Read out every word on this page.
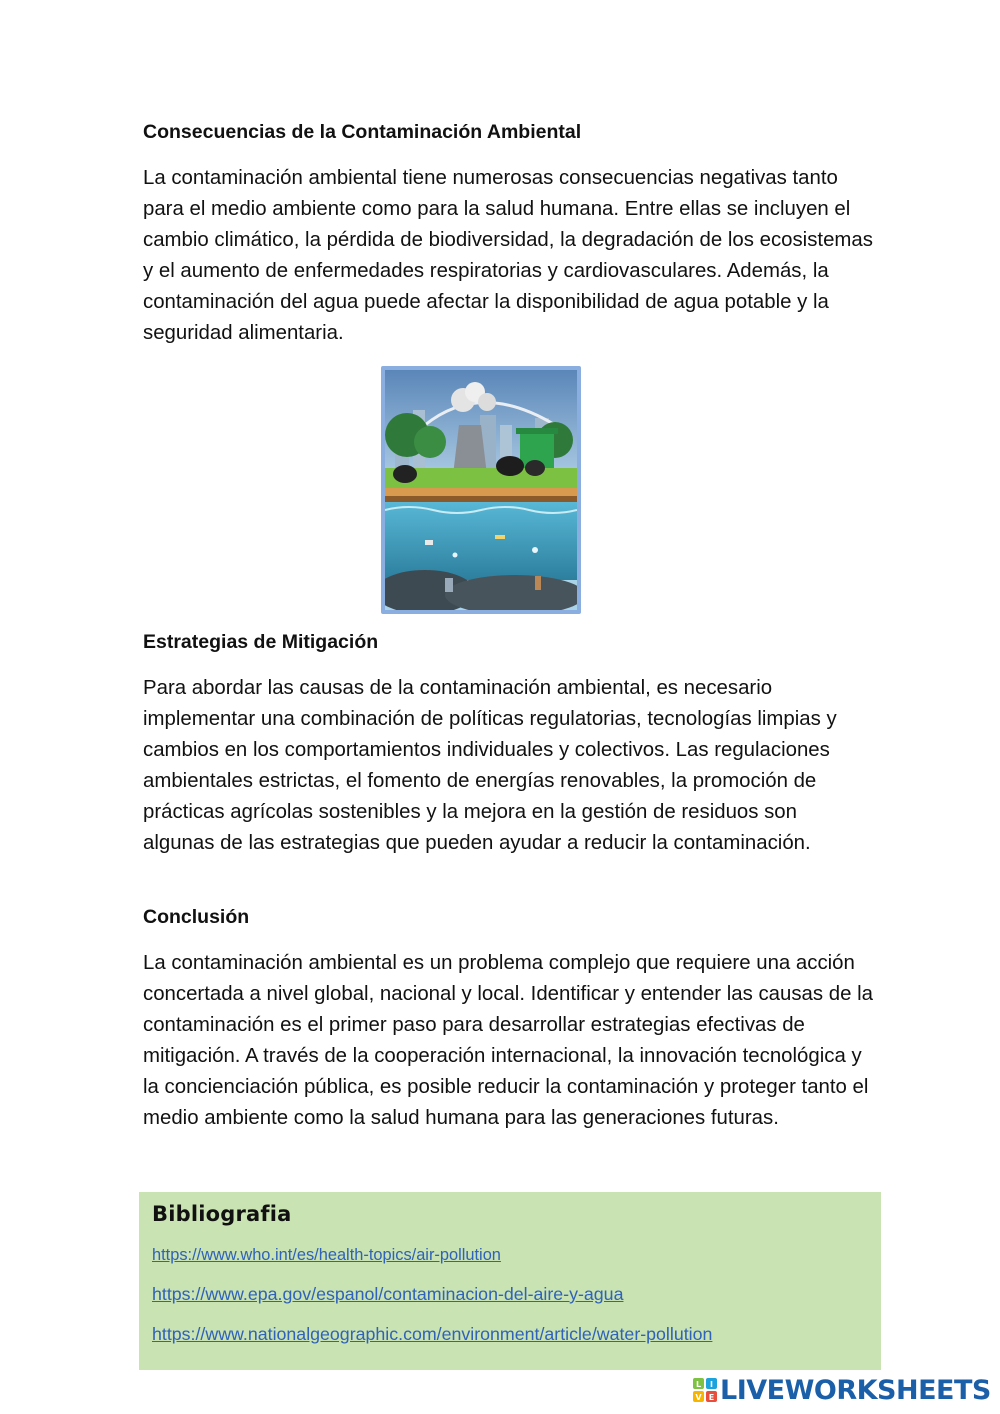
Consecuencias de la Contaminación Ambiental

La contaminación ambiental tiene numerosas consecuencias negativas tanto para el medio ambiente como para la salud humana. Entre ellas se incluyen el cambio climático, la pérdida de biodiversidad, la degradación de los ecosistemas y el aumento de enfermedades respiratorias y cardiovasculares. Además, la contaminación del agua puede afectar la disponibilidad de agua potable y la seguridad alimentaria.

Estrategias de Mitigación

Para abordar las causas de la contaminación ambiental, es necesario implementar una combinación de políticas regulatorias, tecnologías limpias y cambios en los comportamientos individuales y colectivos. Las regulaciones ambientales estrictas, el fomento de energías renovables, la promoción de prácticas agrícolas sostenibles y la mejora en la gestión de residuos son algunas de las estrategias que pueden ayudar a reducir la contaminación.

Conclusión

La contaminación ambiental es un problema complejo que requiere una acción concertada a nivel global, nacional y local. Identificar y entender las causas de la contaminación es el primer paso para desarrollar estrategias efectivas de mitigación. A través de la cooperación internacional, la innovación tecnológica y la concienciación pública, es posible reducir la contaminación y proteger tanto el medio ambiente como la salud humana para las generaciones futuras.

Bibliografia
https://www.who.int/es/health-topics/air-pollution
https://www.epa.gov/espanol/contaminacion-del-aire-y-agua
https://www.nationalgeographic.com/environment/article/water-pollution
L I
V E LIVEWORKSHEETS
